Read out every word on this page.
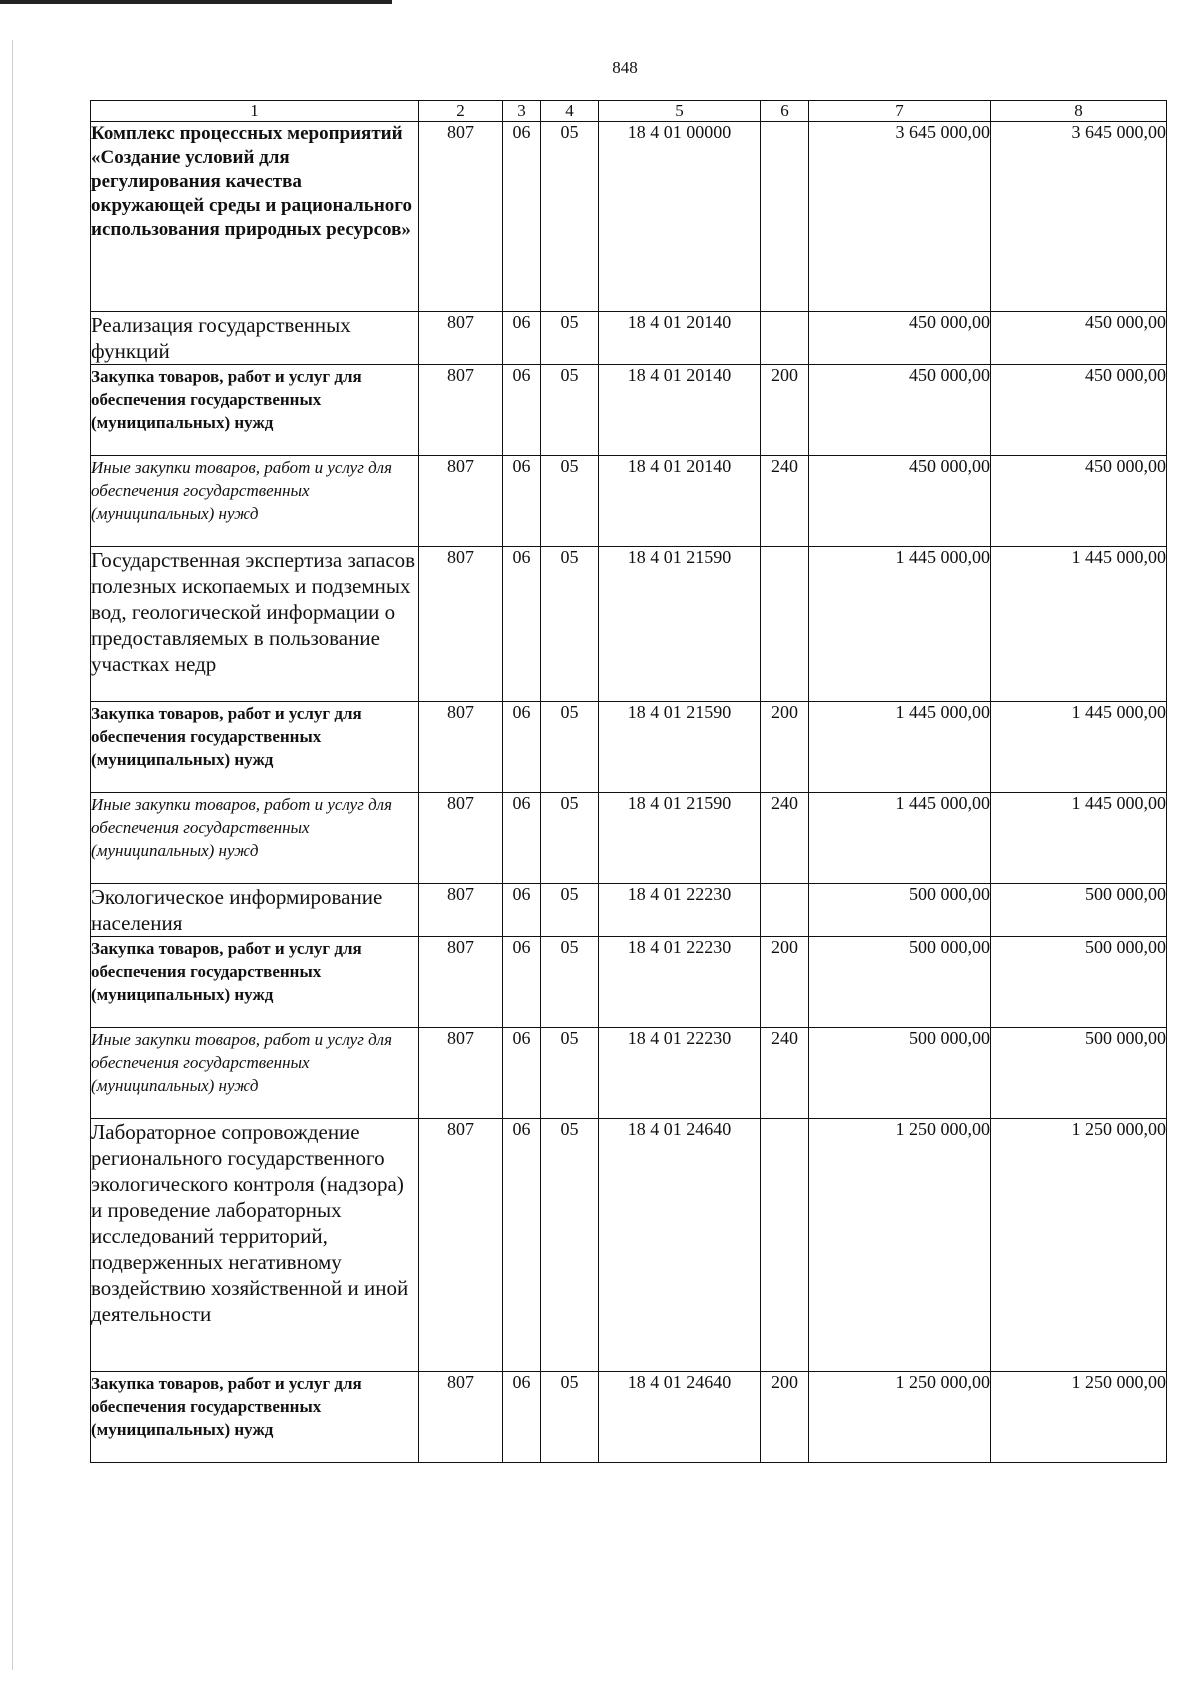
848
1	2	3	4	5	6	7	8
Комплекс процессных мероприятий «Создание условий для регулирования качества окружающей среды и рационального использования природных ресурсов»	807	06	05	18 4 01 00000		3 645 000,00	3 645 000,00
Реализация государственных функций	807	06	05	18 4 01 20140		450 000,00	450 000,00
Закупка товаров, работ и услуг для обеспечения государственных (муниципальных) нужд	807	06	05	18 4 01 20140	200	450 000,00	450 000,00
Иные закупки товаров, работ и услуг для обеспечения государственных (муниципальных) нужд	807	06	05	18 4 01 20140	240	450 000,00	450 000,00
Государственная экспертиза запасов полезных ископаемых и подземных вод, геологической информации о предоставляемых в пользование участках недр	807	06	05	18 4 01 21590		1 445 000,00	1 445 000,00
Закупка товаров, работ и услуг для обеспечения государственных (муниципальных) нужд	807	06	05	18 4 01 21590	200	1 445 000,00	1 445 000,00
Иные закупки товаров, работ и услуг для обеспечения государственных (муниципальных) нужд	807	06	05	18 4 01 21590	240	1 445 000,00	1 445 000,00
Экологическое информирование населения	807	06	05	18 4 01 22230		500 000,00	500 000,00
Закупка товаров, работ и услуг для обеспечения государственных (муниципальных) нужд	807	06	05	18 4 01 22230	200	500 000,00	500 000,00
Иные закупки товаров, работ и услуг для обеспечения государственных (муниципальных) нужд	807	06	05	18 4 01 22230	240	500 000,00	500 000,00
Лабораторное сопровождение регионального государственного экологического контроля (надзора) и проведение лабораторных исследований территорий, подверженных негативному воздействию хозяйственной и иной деятельности	807	06	05	18 4 01 24640		1 250 000,00	1 250 000,00
Закупка товаров, работ и услуг для обеспечения государственных (муниципальных) нужд	807	06	05	18 4 01 24640	200	1 250 000,00	1 250 000,00
